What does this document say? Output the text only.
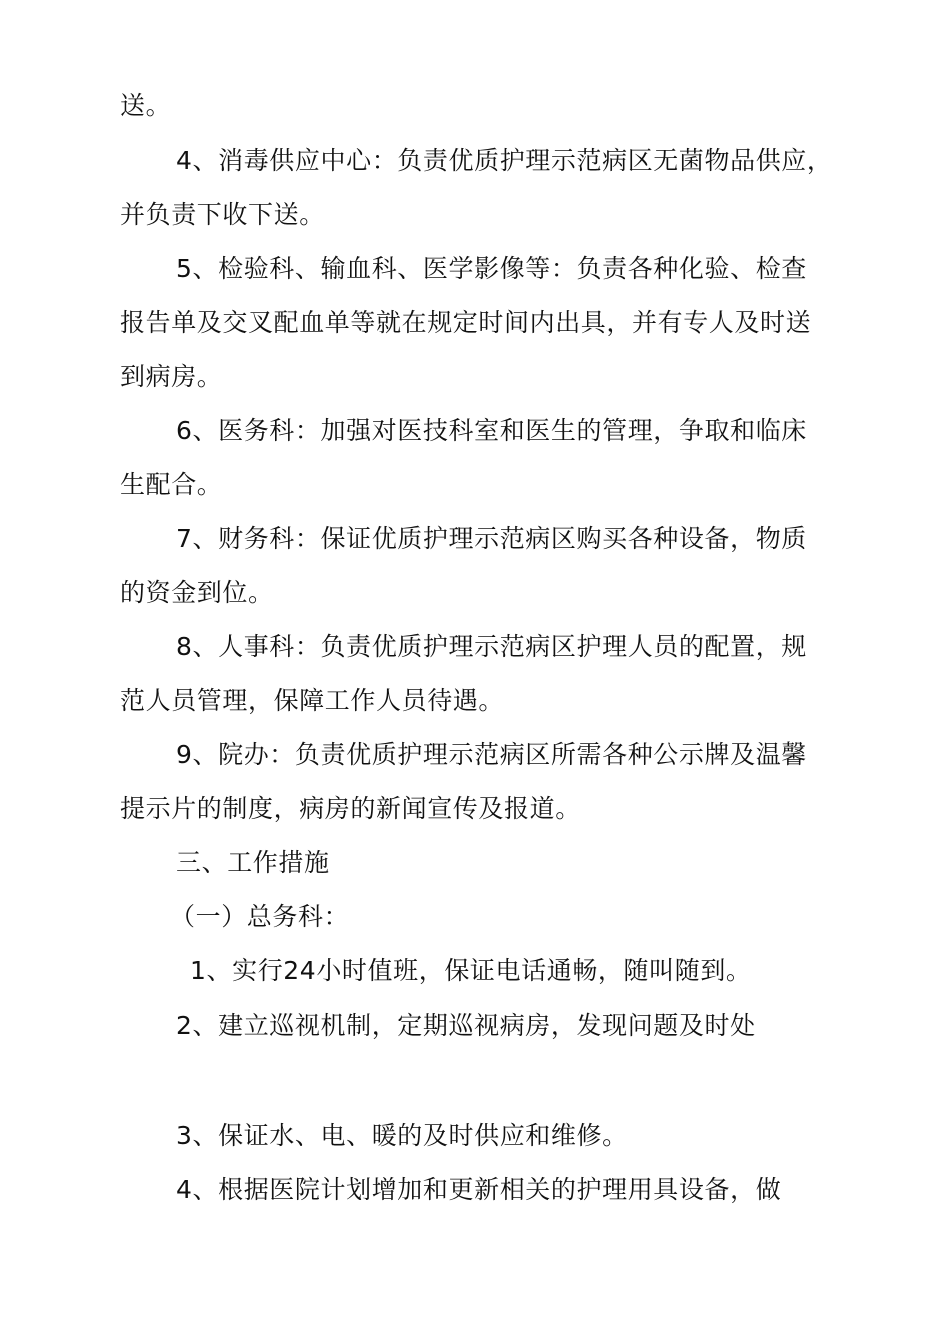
送。
4、消毒供应中心：负责优质护理示范病区无菌物品供应，
并负责下收下送。
5、检验科、输血科、医学影像等：负责各种化验、检查
报告单及交叉配血单等就在规定时间内出具，并有专人及时送
到病房。
6、医务科：加强对医技科室和医生的管理，争取和临床
生配合。
7、财务科：保证优质护理示范病区购买各种设备，物质
的资金到位。
8、人事科：负责优质护理示范病区护理人员的配置，规
范人员管理，保障工作人员待遇。
9、院办：负责优质护理示范病区所需各种公示牌及温馨
提示片的制度，病房的新闻宣传及报道。
三、工作措施
（一）总务科：
1、实行24小时值班，保证电话通畅，随叫随到。
2、建立巡视机制，定期巡视病房，发现问题及时处
3、保证水、电、暖的及时供应和维修。
4、根据医院计划增加和更新相关的护理用具设备，做
